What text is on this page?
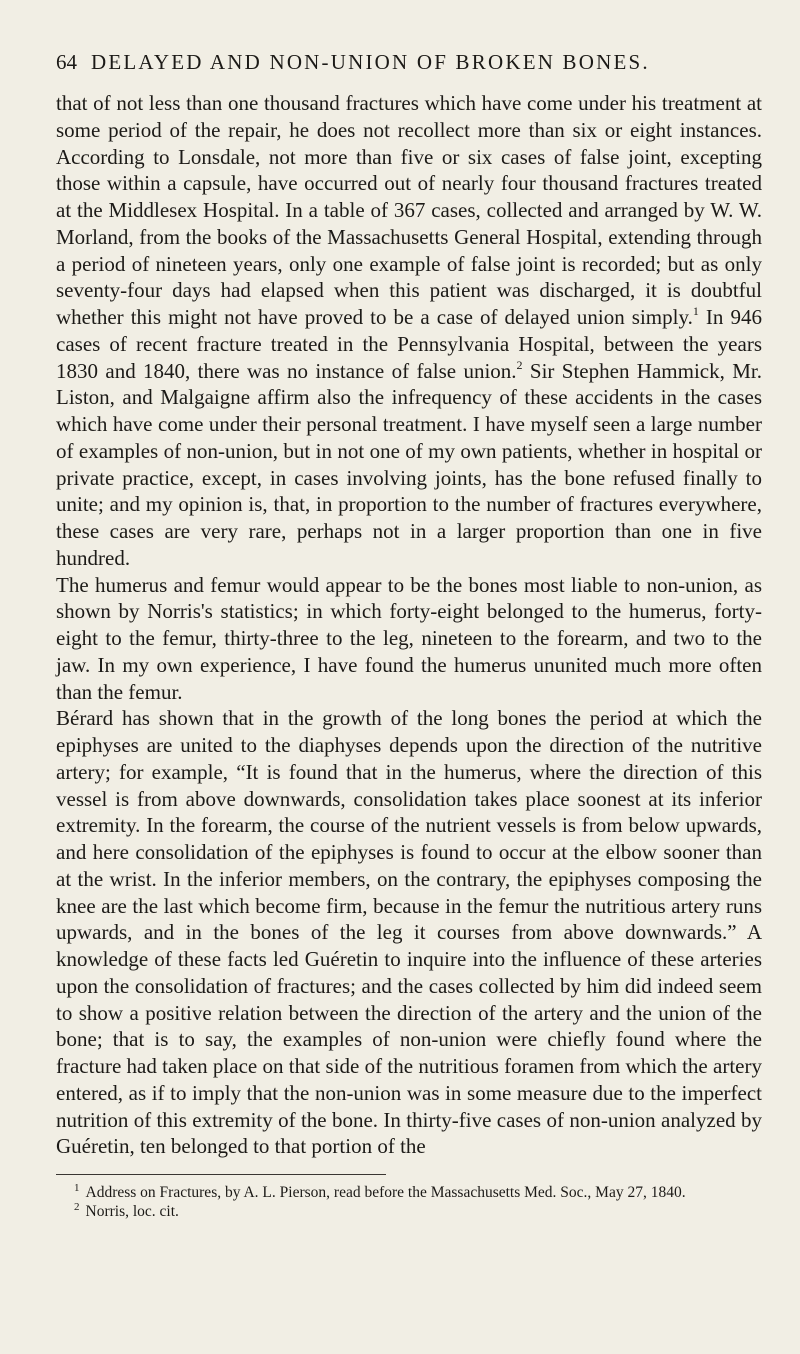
64 DELAYED AND NON-UNION OF BROKEN BONES.

that of not less than one thousand fractures which have come under his treatment at some period of the repair, he does not recollect more than six or eight instances. According to Lonsdale, not more than five or six cases of false joint, excepting those within a capsule, have occurred out of nearly four thousand fractures treated at the Middlesex Hospital. In a table of 367 cases, collected and arranged by W. W. Morland, from the books of the Massachusetts General Hospital, extending through a period of nineteen years, only one example of false joint is recorded; but as only seventy-four days had elapsed when this patient was discharged, it is doubtful whether this might not have proved to be a case of delayed union simply.$^1$ In 946 cases of recent fracture treated in the Pennsylvania Hospital, between the years 1830 and 1840, there was no instance of false union.$^2$ Sir Stephen Hammick, Mr. Liston, and Malgaigne affirm also the infrequency of these accidents in the cases which have come under their personal treatment. I have myself seen a large number of examples of non-union, but in not one of my own patients, whether in hospital or private practice, except, in cases involving joints, has the bone refused finally to unite; and my opinion is, that, in proportion to the number of fractures everywhere, these cases are very rare, perhaps not in a larger proportion than one in five hundred.

The humerus and femur would appear to be the bones most liable to non-union, as shown by Norris's statistics; in which forty-eight belonged to the humerus, forty-eight to the femur, thirty-three to the leg, nineteen to the forearm, and two to the jaw. In my own experience, I have found the humerus ununited much more often than the femur.

Bérard has shown that in the growth of the long bones the period at which the epiphyses are united to the diaphyses depends upon the direction of the nutritive artery; for example, “It is found that in the humerus, where the direction of this vessel is from above downwards, consolidation takes place soonest at its inferior extremity. In the forearm, the course of the nutrient vessels is from below upwards, and here consolidation of the epiphyses is found to occur at the elbow sooner than at the wrist. In the inferior members, on the contrary, the epiphyses composing the knee are the last which become firm, because in the femur the nutritious artery runs upwards, and in the bones of the leg it courses from above downwards.” A knowledge of these facts led Guéretin to inquire into the influence of these arteries upon the consolidation of fractures; and the cases collected by him did indeed seem to show a positive relation between the direction of the artery and the union of the bone; that is to say, the examples of non-union were chiefly found where the fracture had taken place on that side of the nutritious foramen from which the artery entered, as if to imply that the non-union was in some measure due to the imperfect nutrition of this extremity of the bone. In thirty-five cases of non-union analyzed by Guéretin, ten belonged to that portion of the

$^1$ Address on Fractures, by A. L. Pierson, read before the Massachusetts Med. Soc., May 27, 1840.

$^2$ Norris, loc. cit.
